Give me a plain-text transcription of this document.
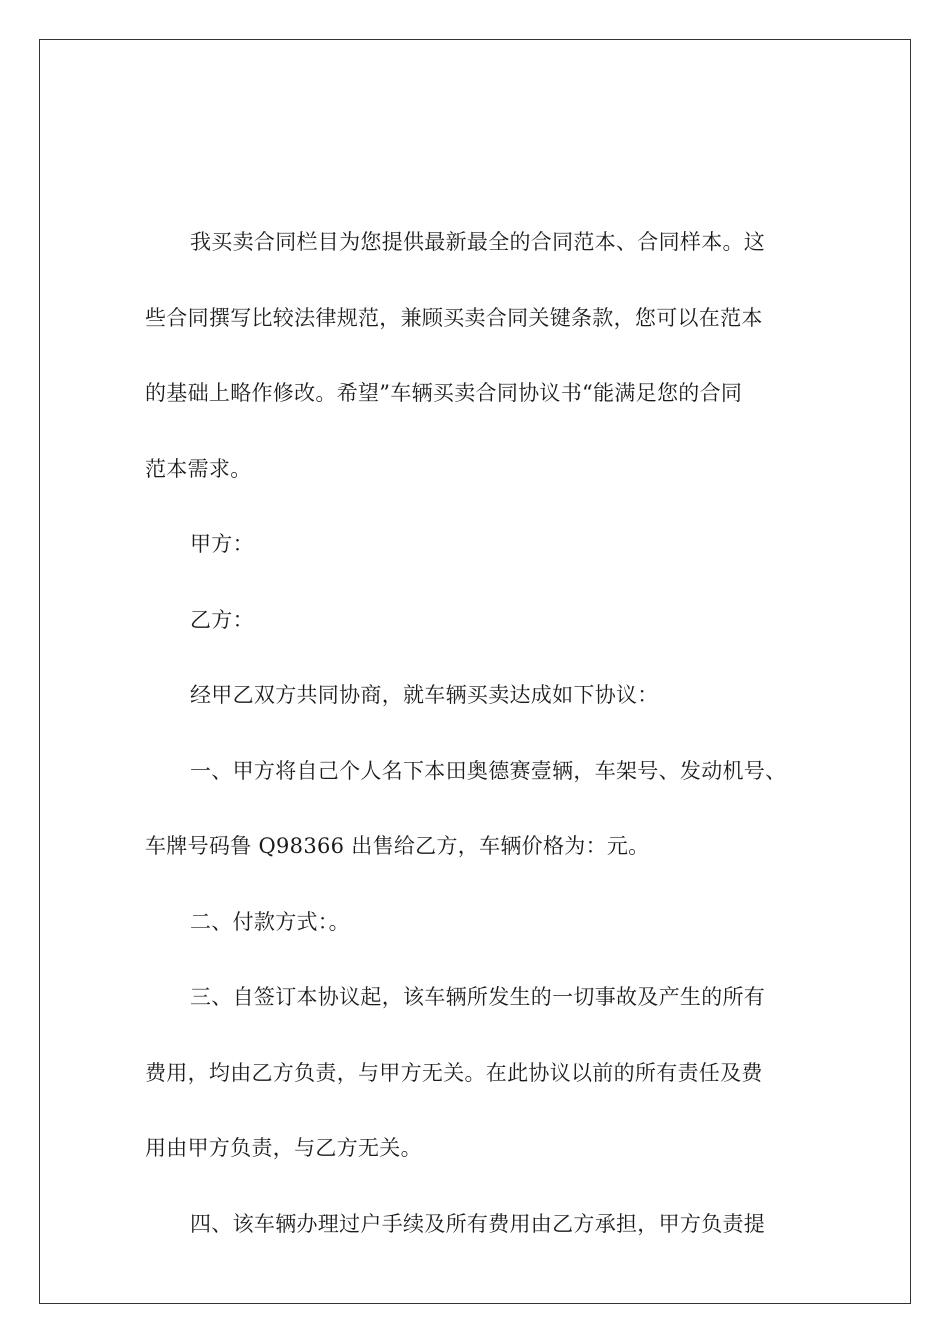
我买卖合同栏目为您提供最新最全的合同范本、合同样本。这

些合同撰写比较法律规范，兼顾买卖合同关键条款，您可以在范本

的基础上略作修改。希望”车辆买卖合同协议书“能满足您的合同

范本需求。

甲方：

乙方：

经甲乙双方共同协商，就车辆买卖达成如下协议：

一、甲方将自己个人名下本田奥德赛壹辆，车架号、发动机号、

车牌号码鲁 Q98366 出售给乙方，车辆价格为：元。

二、付款方式：。

三、自签订本协议起，该车辆所发生的一切事故及产生的所有

费用，均由乙方负责，与甲方无关。在此协议以前的所有责任及费

用由甲方负责，与乙方无关。

四、该车辆办理过户手续及所有费用由乙方承担，甲方负责提
